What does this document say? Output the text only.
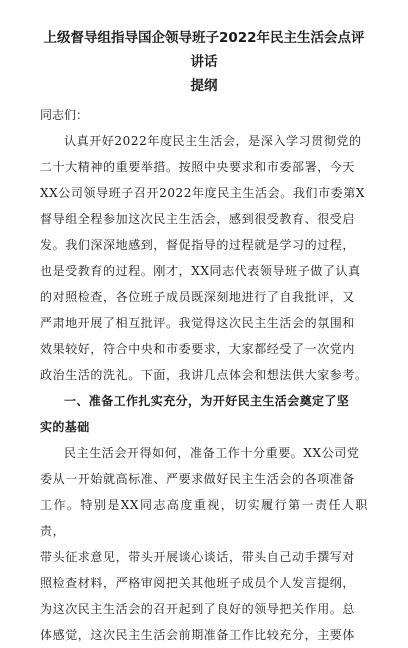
上级督导组指导国企领导班子2022年民主生活会点评讲话
提纲

同志们：

认真开好2022年度民主生活会，是深入学习贯彻党的
二十大精神的重要举措。按照中央要求和市委部署，今天
XX公司领导班子召开2022年度民主生活会。我们市委第X
督导组全程参加这次民主生活会，感到很受教育、很受启
发。我们深深地感到，督促指导的过程就是学习的过程，
也是受教育的过程。刚才，XX同志代表领导班子做了认真
的对照检查，各位班子成员既深刻地进行了自我批评，又
严肃地开展了相互批评。我觉得这次民主生活会的氛围和
效果较好，符合中央和市委要求，大家都经受了一次党内
政治生活的洗礼。下面，我讲几点体会和想法供大家参考。

一、准备工作扎实充分，为开好民主生活会奠定了坚
实的基础

民主生活会开得如何，准备工作十分重要。XX公司党
委从一开始就高标准、严要求做好民主生活会的各项准备
工作。特别是XX同志高度重视，切实履行第一责任人职责，
带头征求意见，带头开展谈心谈话，带头自己动手撰写对
照检查材料，严格审阅把关其他班子成员个人发言提纲，
为这次民主生活会的召开起到了良好的领导把关作用。总
体感觉，这次民主生活会前期准备工作比较充分，主要体
